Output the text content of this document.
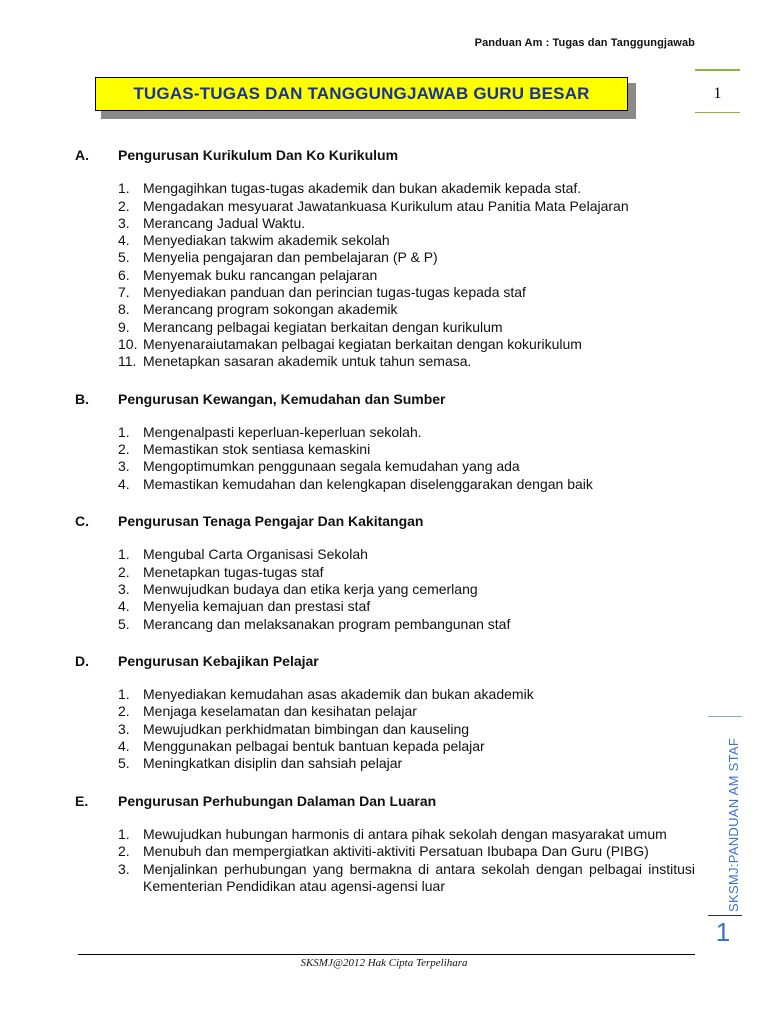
Panduan Am : Tugas dan Tanggungjawab
TUGAS-TUGAS DAN TANGGUNGJAWAB GURU BESAR	1
A.	Pengurusan Kurikulum Dan Ko Kurikulum
1. Mengagihkan tugas-tugas akademik dan bukan akademik kepada staf.
2. Mengadakan mesyuarat Jawatankuasa Kurikulum atau Panitia Mata Pelajaran
3. Merancang Jadual Waktu.
4. Menyediakan takwim akademik sekolah
5. Menyelia pengajaran dan pembelajaran (P & P)
6. Menyemak buku rancangan pelajaran
7. Menyediakan panduan dan perincian tugas-tugas kepada staf
8. Merancang program sokongan akademik
9. Merancang pelbagai kegiatan berkaitan dengan kurikulum
10. Menyenaraiutamakan pelbagai kegiatan berkaitan dengan kokurikulum
11. Menetapkan sasaran akademik untuk tahun semasa.
B.	Pengurusan Kewangan, Kemudahan dan Sumber
1. Mengenalpasti keperluan-keperluan sekolah.
2. Memastikan stok sentiasa kemaskini
3. Mengoptimumkan penggunaan segala kemudahan yang ada
4. Memastikan kemudahan dan kelengkapan diselenggarakan dengan baik
C.	Pengurusan Tenaga Pengajar Dan Kakitangan
1. Mengubal Carta Organisasi Sekolah
2. Menetapkan tugas-tugas staf
3. Menwujudkan budaya dan etika kerja yang cemerlang
4. Menyelia kemajuan dan prestasi staf
5. Merancang dan melaksanakan program pembangunan staf
D.	Pengurusan Kebajikan Pelajar
1. Menyediakan kemudahan asas akademik dan bukan akademik
2. Menjaga keselamatan dan kesihatan pelajar
3. Mewujudkan perkhidmatan bimbingan dan kauseling
4. Menggunakan pelbagai bentuk bantuan kepada pelajar
5. Meningkatkan disiplin dan sahsiah pelajar
E.	Pengurusan Perhubungan Dalaman Dan Luaran
1. Mewujudkan hubungan harmonis di antara pihak sekolah dengan masyarakat umum
2. Menubuh dan mempergiatkan aktiviti-aktiviti Persatuan Ibubapa Dan Guru (PIBG)
3. Menjalinkan perhubungan yang bermakna di antara sekolah dengan pelbagai institusi Kementerian Pendidikan atau agensi-agensi luar	SKSMJ:PANDUAN AM STAF
1
SKSMJ@2012 Hak Cipta Terpelihara
